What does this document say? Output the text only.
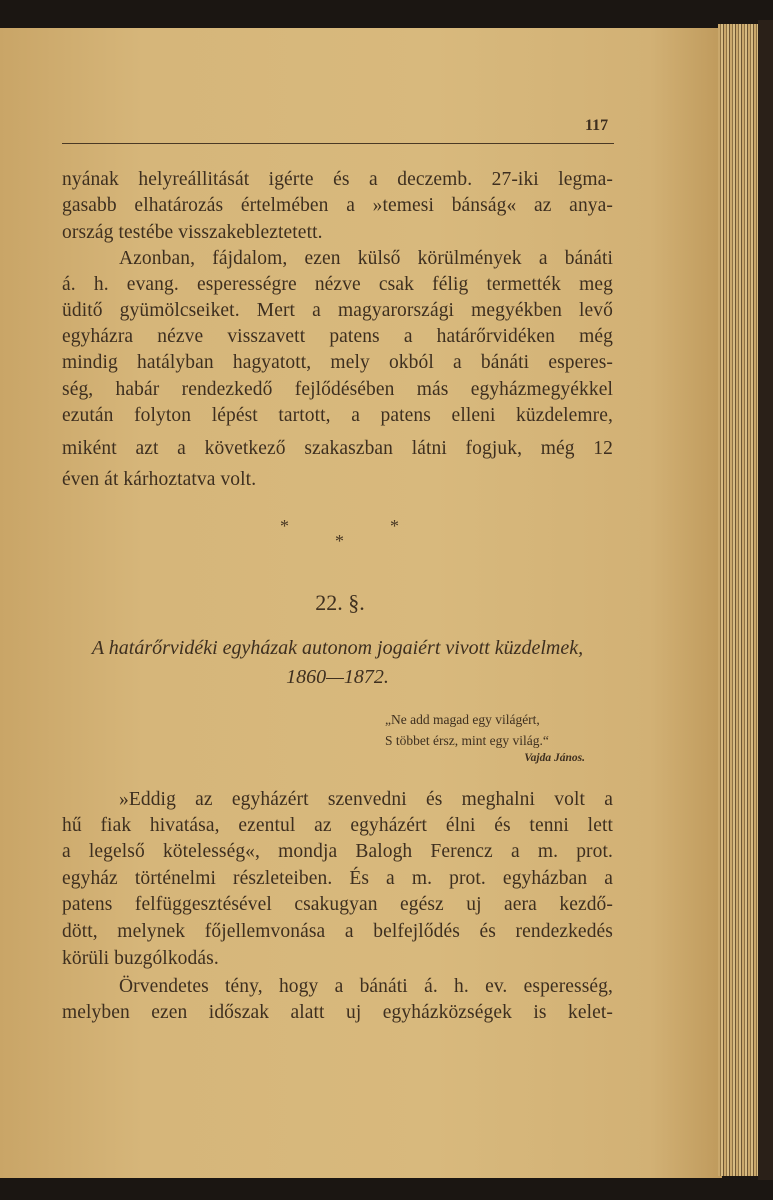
117
nyának helyreállitását igérte és a deczemb. 27-iki legma-
gasabb elhatározás értelmében a »temesi bánság« az anya-
ország testébe visszakebleztetett.
Azonban, fájdalom, ezen külső körülmények a bánáti
á. h. evang. esperességre nézve csak félig termették meg
üditő gyümölcseiket. Mert a magyarországi megyékben levő
egyházra nézve visszavett patens a határőrvidéken még
mindig hatályban hagyatott, mely okból a bánáti esperes-
ség, habár rendezkedő fejlődésében más egyházmegyékkel
ezután folyton lépést tartott, a patens elleni küzdelemre,
miként azt a következő szakaszban látni fogjuk, még 12
éven át kárhoztatva volt.
*	*
*
22. §.
A határőrvidéki egyházak autonom jogaiért vivott küzdelmek,
1860—1872.
„Ne add magad egy világért,
S többet érsz, mint egy világ.“
Vajda János.
»Eddig az egyházért szenvedni és meghalni volt a
hű fiak hivatása, ezentul az egyházért élni és tenni lett
a legelső kötelesség«, mondja Balogh Ferencz a m. prot.
egyház történelmi részleteiben. És a m. prot. egyházban a
patens felfüggesztésével csakugyan egész uj aera kezdő-
dött, melynek főjellemvonása a belfejlődés és rendezkedés
körüli buzgólkodás.
Örvendetes tény, hogy a bánáti á. h. ev. esperesség,
melyben ezen időszak alatt uj egyházközségek is kelet-
